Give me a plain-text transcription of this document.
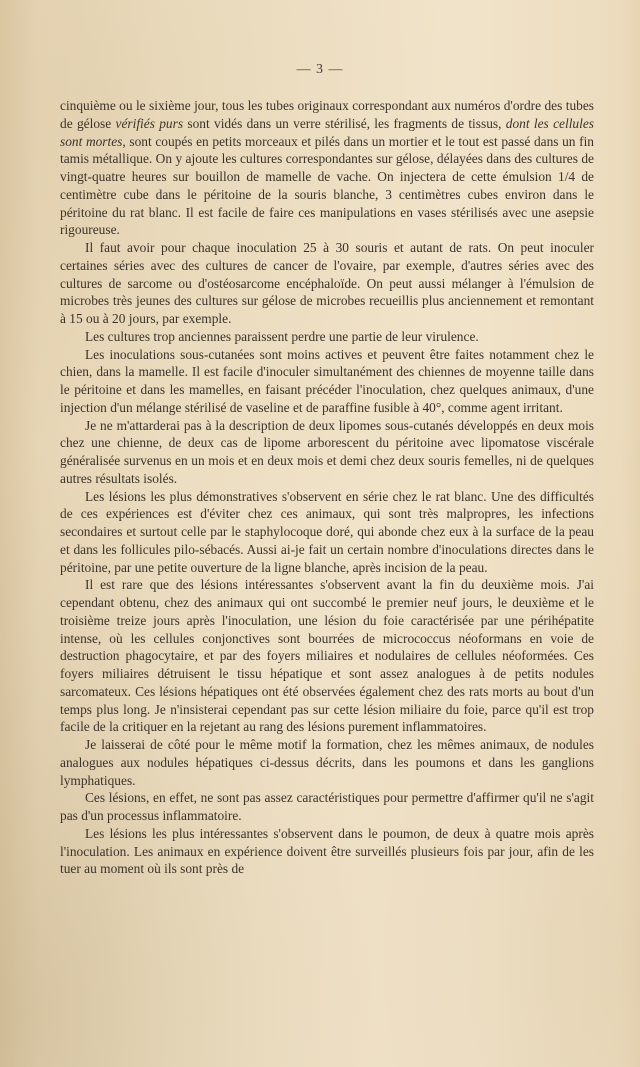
— 3 —

cinquième ou le sixième jour, tous les tubes originaux correspondant aux numéros d'ordre des tubes de gélose vérifiés purs sont vidés dans un verre stérilisé, les fragments de tissus, dont les cellules sont mortes, sont coupés en petits morceaux et pilés dans un mortier et le tout est passé dans un fin tamis métallique. On y ajoute les cultures correspondantes sur gélose, délayées dans des cultures de vingt-quatre heures sur bouillon de mamelle de vache. On injectera de cette émulsion 1/4 de centimètre cube dans le péritoine de la souris blanche, 3 centimètres cubes environ dans le péritoine du rat blanc. Il est facile de faire ces manipulations en vases stérilisés avec une asepsie rigoureuse.

Il faut avoir pour chaque inoculation 25 à 30 souris et autant de rats. On peut inoculer certaines séries avec des cultures de cancer de l'ovaire, par exemple, d'autres séries avec des cultures de sarcome ou d'ostéosarcome encéphaloïde. On peut aussi mélanger à l'émulsion de microbes très jeunes des cultures sur gélose de microbes recueillis plus anciennement et remontant à 15 ou à 20 jours, par exemple.

Les cultures trop anciennes paraissent perdre une partie de leur virulence.

Les inoculations sous-cutanées sont moins actives et peuvent être faites notamment chez le chien, dans la mamelle. Il est facile d'inoculer simultanément des chiennes de moyenne taille dans le péritoine et dans les mamelles, en faisant précéder l'inoculation, chez quelques animaux, d'une injection d'un mélange stérilisé de vaseline et de paraffine fusible à 40°, comme agent irritant.

Je ne m'attarderai pas à la description de deux lipomes sous-cutanés développés en deux mois chez une chienne, de deux cas de lipome arborescent du péritoine avec lipomatose viscérale généralisée survenus en un mois et en deux mois et demi chez deux souris femelles, ni de quelques autres résultats isolés.

Les lésions les plus démonstratives s'observent en série chez le rat blanc. Une des difficultés de ces expériences est d'éviter chez ces animaux, qui sont très malpropres, les infections secondaires et surtout celle par le staphylocoque doré, qui abonde chez eux à la surface de la peau et dans les follicules pilo-sébacés. Aussi ai-je fait un certain nombre d'inoculations directes dans le péritoine, par une petite ouverture de la ligne blanche, après incision de la peau.

Il est rare que des lésions intéressantes s'observent avant la fin du deuxième mois. J'ai cependant obtenu, chez des animaux qui ont succombé le premier neuf jours, le deuxième et le troisième treize jours après l'inoculation, une lésion du foie caractérisée par une périhépatite intense, où les cellules conjonctives sont bourrées de micrococcus néoformans en voie de destruction phagocytaire, et par des foyers miliaires et nodulaires de cellules néoformées. Ces foyers miliaires détruisent le tissu hépatique et sont assez analogues à de petits nodules sarcomateux. Ces lésions hépatiques ont été observées également chez des rats morts au bout d'un temps plus long. Je n'insisterai cependant pas sur cette lésion miliaire du foie, parce qu'il est trop facile de la critiquer en la rejetant au rang des lésions purement inflammatoires.

Je laisserai de côté pour le même motif la formation, chez les mêmes animaux, de nodules analogues aux nodules hépatiques ci-dessus décrits, dans les poumons et dans les ganglions lymphatiques.

Ces lésions, en effet, ne sont pas assez caractéristiques pour permettre d'affirmer qu'il ne s'agit pas d'un processus inflammatoire.

Les lésions les plus intéressantes s'observent dans le poumon, de deux à quatre mois après l'inoculation. Les animaux en expérience doivent être surveillés plusieurs fois par jour, afin de les tuer au moment où ils sont près de
